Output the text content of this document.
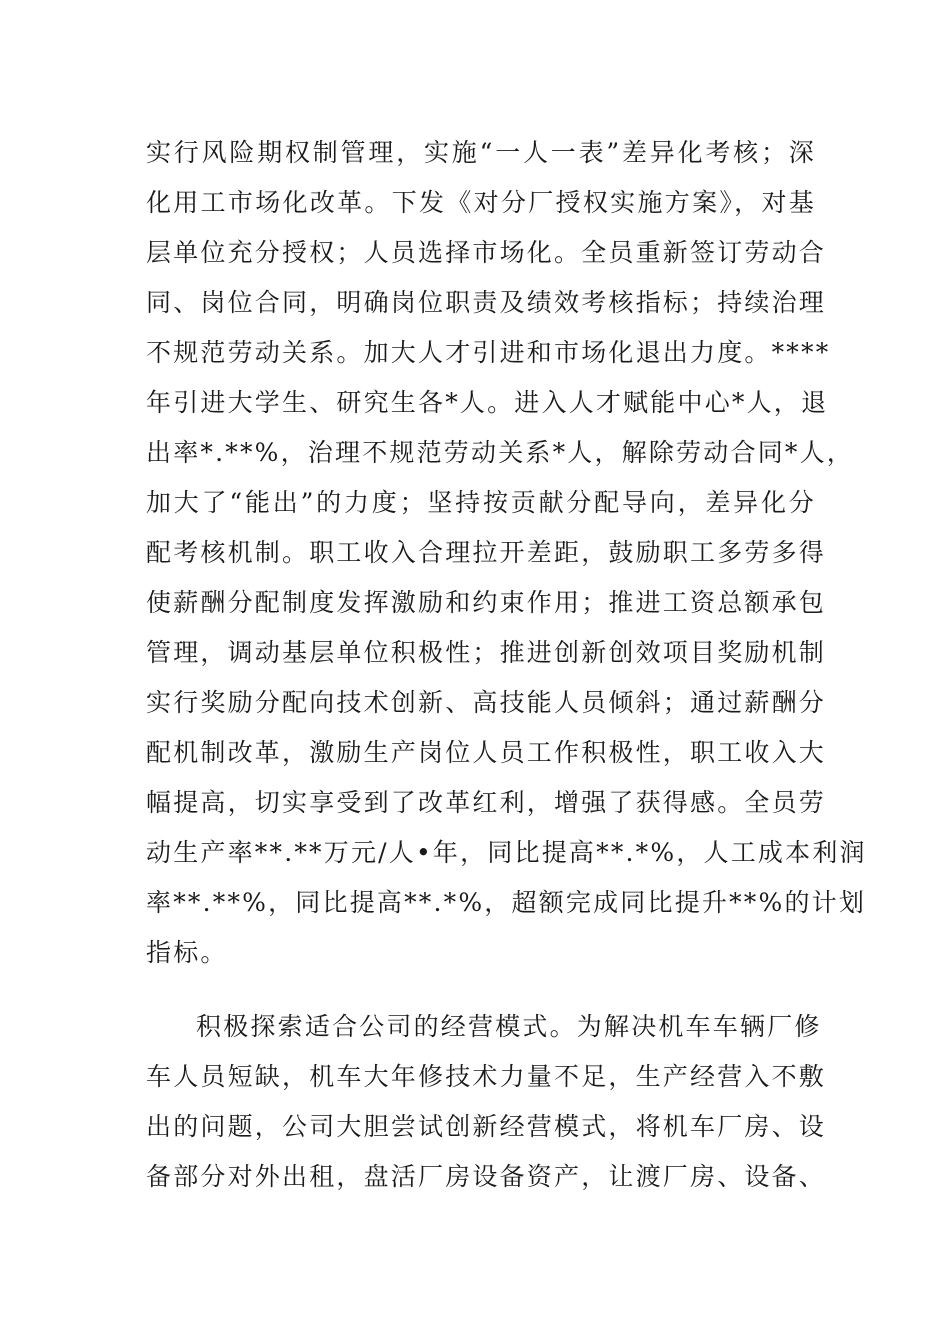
实行风险期权制管理，实施“一人一表”差异化考核；深
化用工市场化改革。下发《对分厂授权实施方案》，对基
层单位充分授权；人员选择市场化。全员重新签订劳动合
同、岗位合同，明确岗位职责及绩效考核指标；持续治理
不规范劳动关系。加大人才引进和市场化退出力度。****
年引进大学生、研究生各*人。进入人才赋能中心*人，退
出率*.**%，治理不规范劳动关系*人，解除劳动合同*人，
加大了“能出”的力度；坚持按贡献分配导向，差异化分
配考核机制。职工收入合理拉开差距，鼓励职工多劳多得
使薪酬分配制度发挥激励和约束作用；推进工资总额承包
管理，调动基层单位积极性；推进创新创效项目奖励机制
实行奖励分配向技术创新、高技能人员倾斜；通过薪酬分
配机制改革，激励生产岗位人员工作积极性，职工收入大
幅提高，切实享受到了改革红利，增强了获得感。全员劳
动生产率**.**万元/人•年，同比提高**.*%，人工成本利润
率**.**%，同比提高**.*%，超额完成同比提升**%的计划
指标。
积极探索适合公司的经营模式。为解决机车车辆厂修
车人员短缺，机车大年修技术力量不足，生产经营入不敷
出的问题，公司大胆尝试创新经营模式，将机车厂房、设
备部分对外出租，盘活厂房设备资产，让渡厂房、设备、
